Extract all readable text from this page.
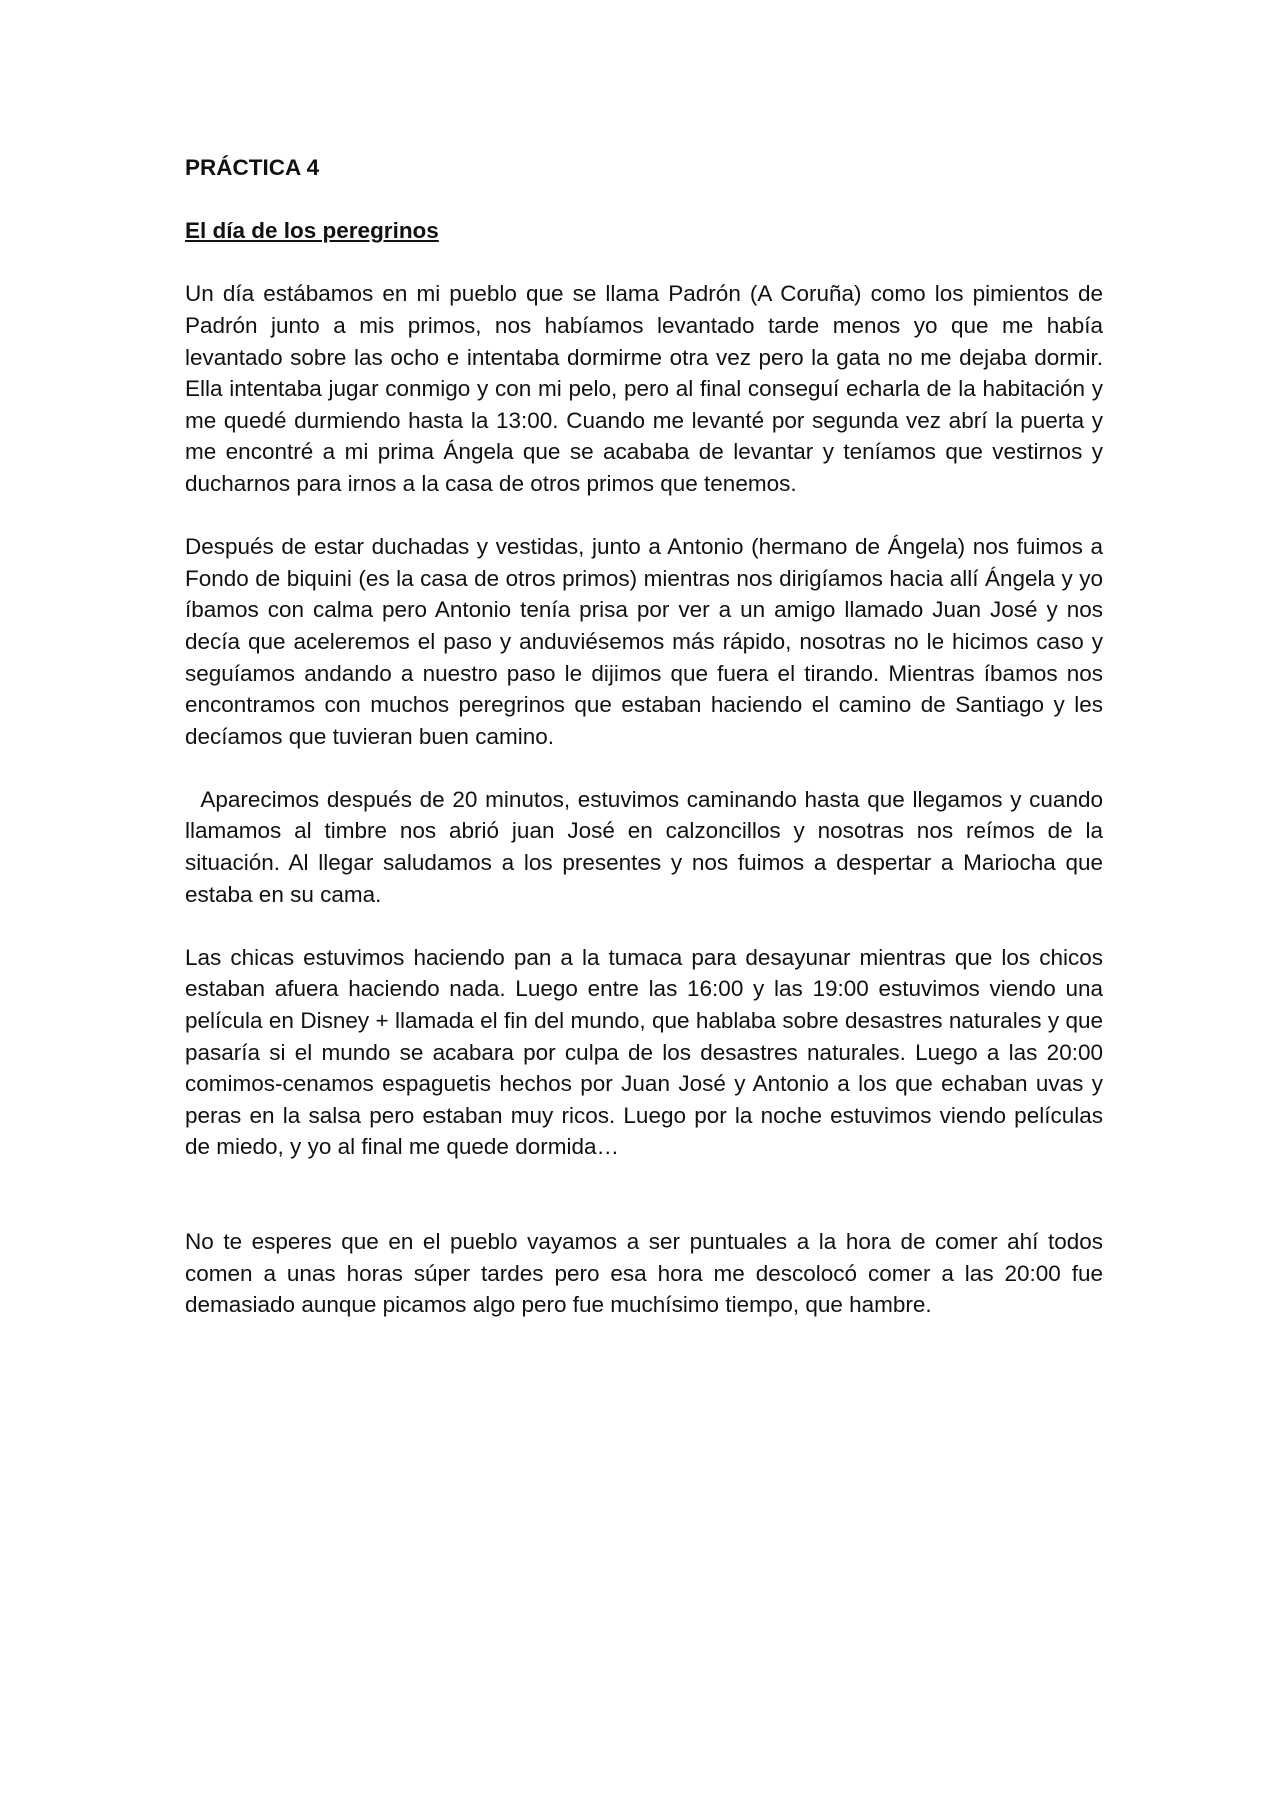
PRÁCTICA 4

El día de los peregrinos

Un día estábamos en mi pueblo que se llama Padrón (A Coruña) como los pimientos de Padrón junto a mis primos, nos habíamos levantado tarde menos yo que me había levantado sobre las ocho e intentaba dormirme otra vez pero la gata no me dejaba dormir. Ella intentaba jugar conmigo y con mi pelo, pero al final conseguí echarla de la habitación y me quedé durmiendo hasta la 13:00. Cuando me levanté por segunda vez abrí la puerta y me encontré a mi prima Ángela que se acababa de levantar y teníamos que vestirnos y ducharnos para irnos a la casa de otros primos que tenemos.

Después de estar duchadas y vestidas, junto a Antonio (hermano de Ángela) nos fuimos a Fondo de biquini (es la casa de otros primos) mientras nos dirigíamos hacia allí Ángela y yo íbamos con calma pero Antonio tenía prisa por ver a un amigo llamado Juan José y nos decía que aceleremos el paso y anduviésemos más rápido, nosotras no le hicimos caso y seguíamos andando a nuestro paso le dijimos que fuera el tirando. Mientras íbamos nos encontramos con muchos peregrinos que estaban haciendo el camino de Santiago y les decíamos que tuvieran buen camino.

Aparecimos después de 20 minutos, estuvimos caminando hasta que llegamos y cuando llamamos al timbre nos abrió juan José en calzoncillos y nosotras nos reímos de la situación. Al llegar saludamos a los presentes y nos fuimos a despertar a Mariocha que estaba en su cama.

Las chicas estuvimos haciendo pan a la tumaca para desayunar mientras que los chicos estaban afuera haciendo nada. Luego entre las 16:00 y las 19:00 estuvimos viendo una película en Disney + llamada el fin del mundo, que hablaba sobre desastres naturales y que pasaría si el mundo se acabara por culpa de los desastres naturales. Luego a las 20:00 comimos-cenamos espaguetis hechos por Juan José y Antonio a los que echaban uvas y peras en la salsa pero estaban muy ricos. Luego por la noche estuvimos viendo películas de miedo, y yo al final me quede dormida…

No te esperes que en el pueblo vayamos a ser puntuales a la hora de comer ahí todos comen a unas horas súper tardes pero esa hora me descolocó comer a las 20:00 fue demasiado aunque picamos algo pero fue muchísimo tiempo, que hambre.
